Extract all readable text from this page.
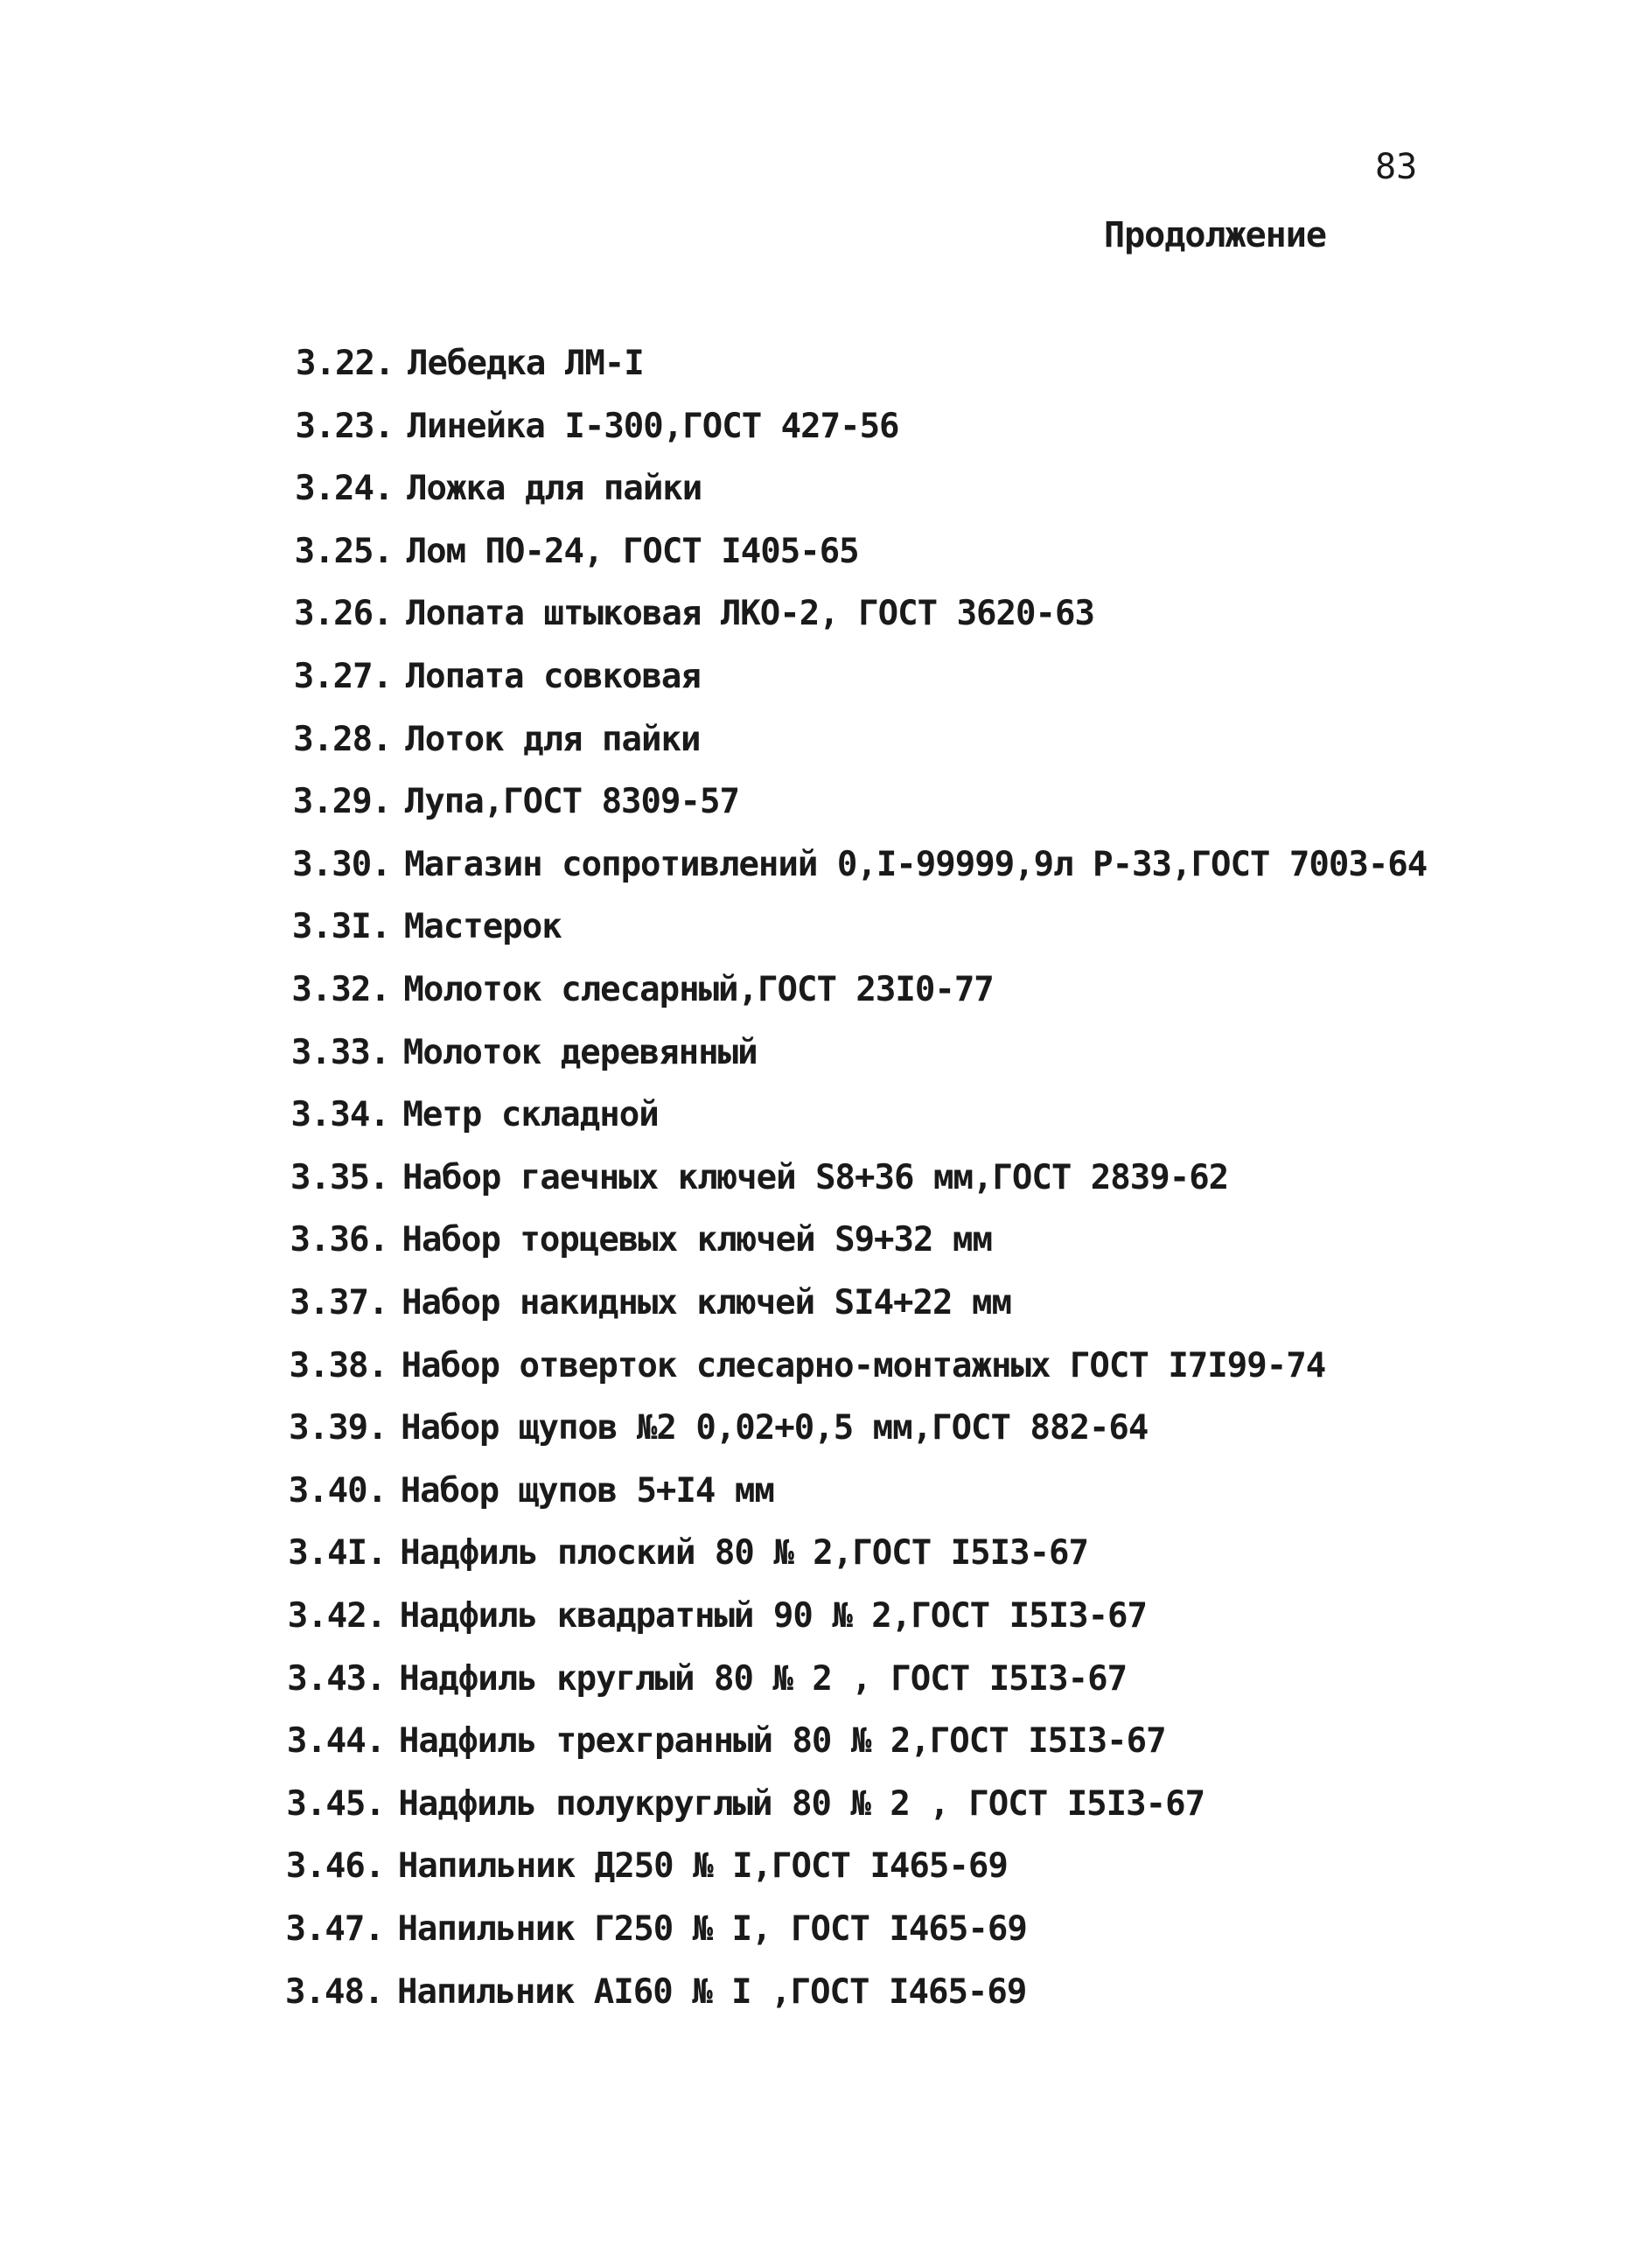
83
Продолжение
3.22. Лебедка ЛМ-I
3.23. Линейка I-300,ГОСТ 427-56
3.24. Ложка для пайки
3.25. Лом ПО-24, ГОСТ I405-65
3.26. Лопата штыковая ЛКО-2, ГОСТ 3620-63
3.27. Лопата совковая
3.28. Лоток для пайки
3.29. Лупа,ГОСТ 8309-57
3.30. Магазин сопротивлений 0,I-99999,9л Р-33,ГОСТ 7003-64
3.3I. Мастерок
3.32. Молоток слесарный,ГОСТ 23I0-77
3.33. Молоток деревянный
3.34. Метр складной
3.35. Набор гаечных ключей S8+36 мм,ГОСТ 2839-62
3.36. Набор торцевых ключей S9+32 мм
3.37. Набор накидных ключей SI4+22 мм
3.38. Набор отверток слесарно-монтажных ГОСТ I7I99-74
3.39. Набор щупов №2 0,02+0,5 мм,ГОСТ 882-64
3.40. Набор щупов 5+I4 мм
3.4I. Надфиль плоский 80 № 2,ГОСТ I5I3-67
3.42. Надфиль квадратный 90 № 2,ГОСТ I5I3-67
3.43. Надфиль круглый 80 № 2 , ГОСТ I5I3-67
3.44. Надфиль трехгранный 80 № 2,ГОСТ I5I3-67
3.45. Надфиль полукруглый 80 № 2 , ГОСТ I5I3-67
3.46. Напильник Д250 № I,ГОСТ I465-69
3.47. Напильник Г250 № I, ГОСТ I465-69
3.48. Напильник АI60 № I ,ГОСТ I465-69
